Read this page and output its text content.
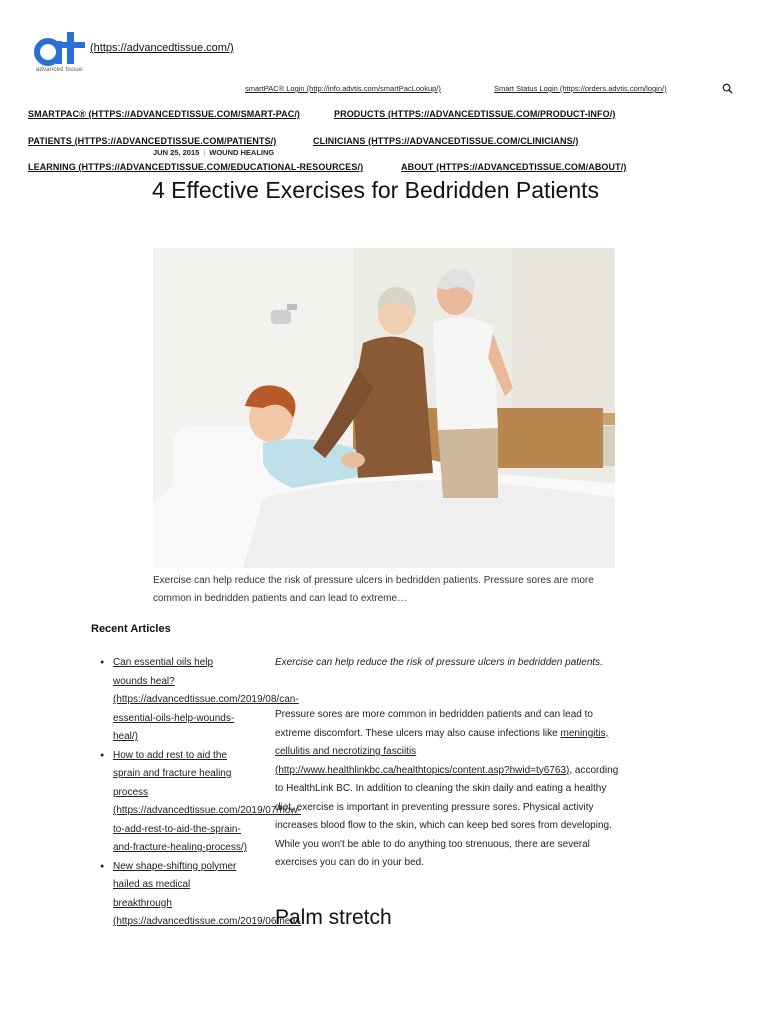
advanced tissue
(https://advancedtissue.com/)
smartPAC® Login (http://info.advtis.com/smartPacLookup/)	Smart Status Login (https://orders.advtis.com/login/)
SMARTPAC® (HTTPS://ADVANCEDTISSUE.COM/SMART-PAC/)	PRODUCTS (HTTPS://ADVANCEDTISSUE.COM/PRODUCT-INFO/)
PATIENTS (HTTPS://ADVANCEDTISSUE.COM/PATIENTS/)	CLINICIANS (HTTPS://ADVANCEDTISSUE.COM/CLINICIANS/)
JUN 25, 2015 | WOUND HEALING
LEARNING (HTTPS://ADVANCEDTISSUE.COM/EDUCATIONAL-RESOURCES/)	ABOUT (HTTPS://ADVANCEDTISSUE.COM/ABOUT/)
4 Effective Exercises for Bedridden Patients

Exercise can help reduce the risk of pressure ulcers in bedridden patients. Pressure sores are more common in bedridden patients and can lead to extreme…

Recent Articles
● Can essential oils help wounds heal? (https://advancedtissue.com/2019/08/can-essential-oils-help-wounds-heal/)
● How to add rest to aid the sprain and fracture healing process (https://advancedtissue.com/2019/07/how-to-add-rest-to-aid-the-sprain-and-fracture-healing-process/)
● New shape-shifting polymer hailed as medical breakthrough (https://advancedtissue.com/2019/06/new-

Exercise can help reduce the risk of pressure ulcers in bedridden patients.

Pressure sores are more common in bedridden patients and can lead to extreme discomfort. These ulcers may also cause infections like meningitis, cellulitis and necrotizing fasciitis (http://www.healthlinkbc.ca/healthtopics/content.asp?hwid=ty6763), according to HealthLink BC. In addition to cleaning the skin daily and eating a healthy diet, exercise is important in preventing pressure sores. Physical activity increases blood flow to the skin, which can keep bed sores from developing. While you won't be able to do anything too strenuous, there are several exercises you can do in your bed.

Palm stretch
